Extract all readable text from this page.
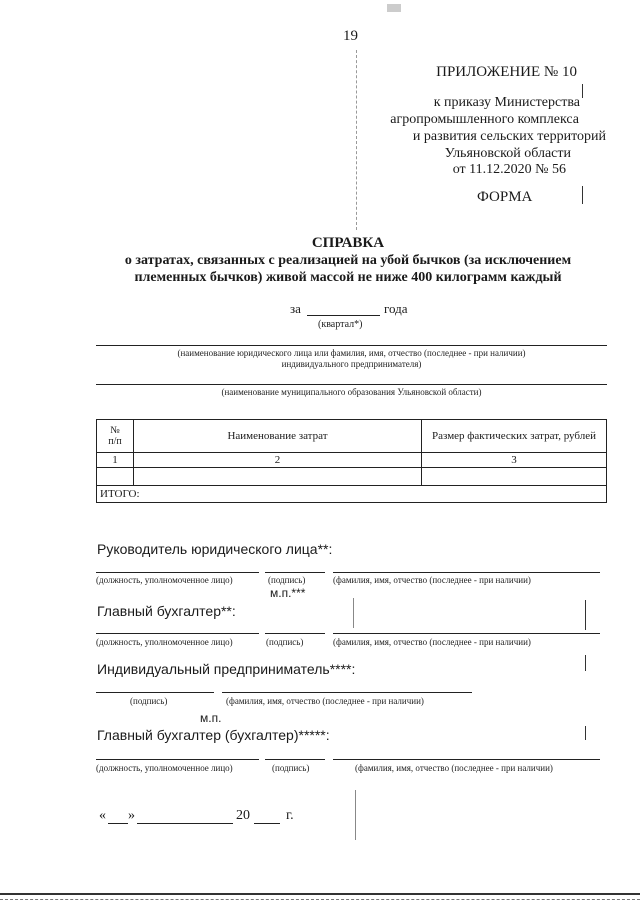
19
ПРИЛОЖЕНИЕ № 10
к приказу Министерства
агропромышленного комплекса
и развития сельских территорий
Ульяновской области
от 11.12.2020 № 56
ФОРМА
СПРАВКА
о затратах, связанных с реализацией на убой бычков (за исключением
племенных бычков) живой массой не ниже 400 килограмм каждый
за	года
(квартал*)
(наименование юридического лица или фамилия, имя, отчество (последнее - при наличии)
индивидуального предпринимателя)
(наименование муниципального образования Ульяновской области)
№
п/п	Наименование затрат	Размер фактических затрат, рублей
1	2	3

ИТОГО:		
Руководитель юридического лица**:
(должность, уполномоченное лицо)	(подпись)	(фамилия, имя, отчество (последнее - при наличии)
м.п.***
Главный бухгалтер**:
(должность, уполномоченное лицо)	(подпись)	(фамилия, имя, отчество (последнее - при наличии)
Индивидуальный предприниматель****:
(подпись)	(фамилия, имя, отчество (последнее - при наличии)
м.п.
Главный бухгалтер (бухгалтер)*****:
(должность, уполномоченное лицо)	(подпись)	(фамилия, имя, отчество (последнее - при наличии)
« »	20	г.
